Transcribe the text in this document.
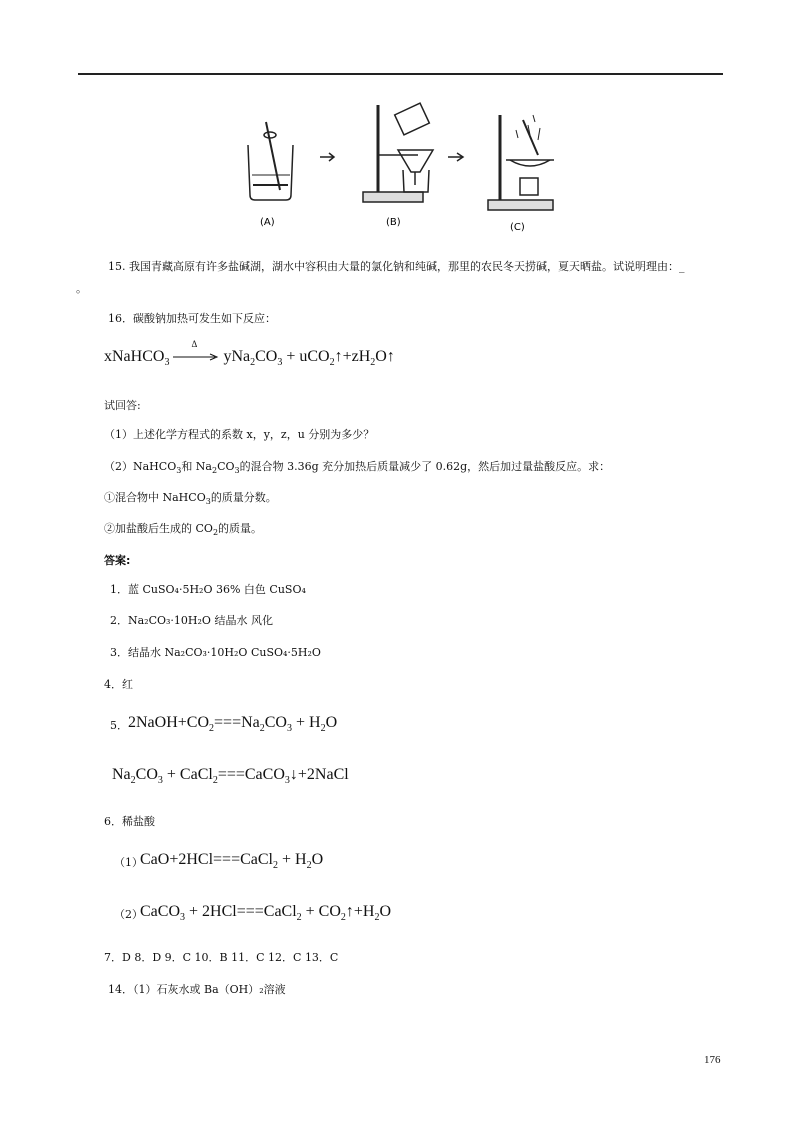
(A)	(B)	(C)
15. 我国青藏高原有许多盐碱湖，湖水中容积由大量的氯化钠和纯碱，那里的农民冬天捞碱，夏天晒盐。试说明理由：_
。
16．碳酸钠加热可发生如下反应：
xNaHCO$_3$
Δ
$yNa_2CO_3$ + $uCO_2↑+zH_2O↑$
试回答:
（1）上述化学方程式的系数 x，y，z，u 分别为多少？
（2）NaHCO$_3$和 $Na_2CO_3$的混合物 3.36g 充分加热后质量减少了 0.62g，然后加过量盐酸反应。求：
①混合物中 NaHCO$_3$的质量分数。
②加盐酸后生成的 $CO_2$的质量。
答案:
1．蓝 CuSO₄·5H₂O 36% 白色 CuSO₄
2．Na₂CO₃·10H₂O 结晶水 风化
3．结晶水 Na₂CO₃·10H₂O CuSO₄·5H₂O
4．红
5． $2NaOH+CO_2===Na_2CO_3 + H_2O$
$Na_2CO_3$ + CaCl$_2$===CaCO$_3$↓+2NaCl
6．稀盐酸
（1）
CaO+2HCl===CaCl$_2$ + $H_2O$
（2）
CaCO$_3$ + 2HCl===CaCl$_2$ + $CO_2↑+H_2O$
7．D 8．D 9．C 10．B 11．C 12．C 13．C
14．（1）石灰水或 Ba（OH）₂溶液
176
